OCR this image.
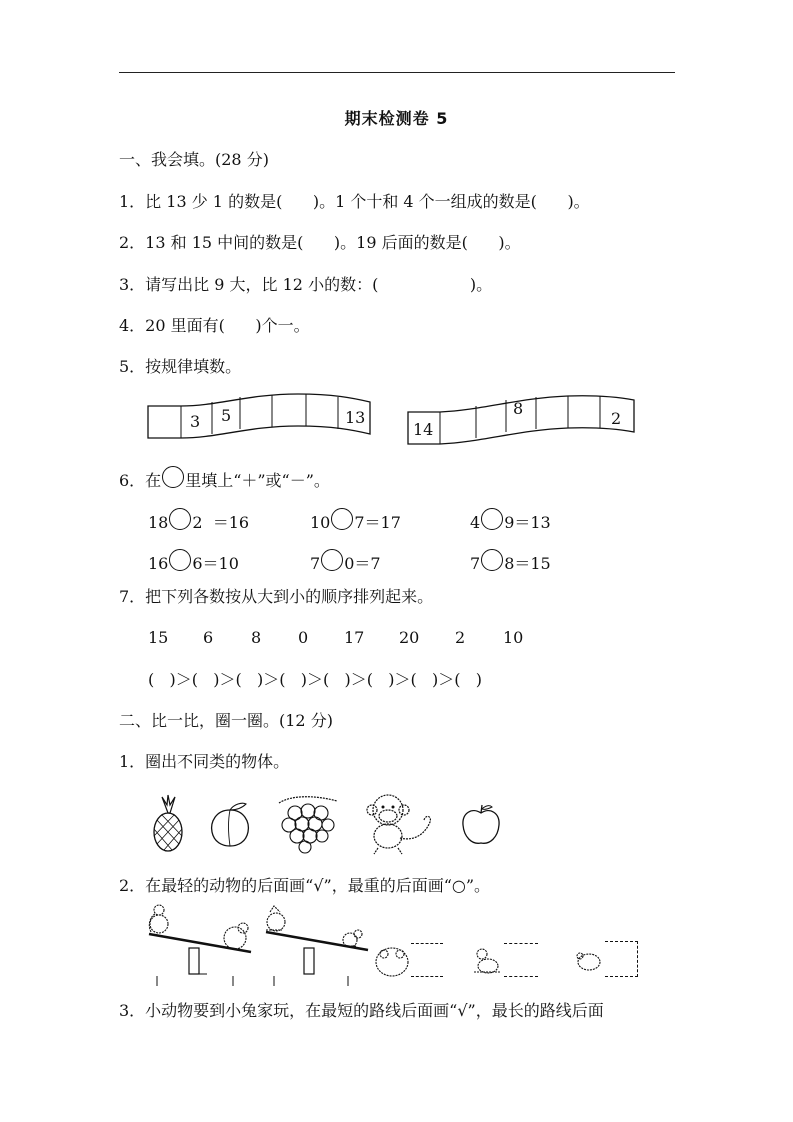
期末检测卷 5
一、我会填。(28 分)
1．比 13 少 1 的数是(      )。1 个十和 4 个一组成的数是(      )。
2．13 和 15 中间的数是(      )。19 后面的数是(      )。
3．请写出比 9 大，比 12 小的数：(                  )。
4．20 里面有(      )个一。
5．按规律填数。
3 5	13
14
8
2
6．在 里填上“＋”或“－”。
18 2  ＝16	10 7＝17	4 9＝13
16 6＝10	7 0＝7	7 8＝15
7．把下列各数按从大到小的顺序排列起来。
15 6 8 0 17 20 2 10
(   )＞(   )＞(   )＞(   )＞(   )＞(   )＞(   )＞(   )
二、比一比，圈一圈。(12 分)
1．圈出不同类的物体。
2．在最轻的动物的后面画“√”，最重的后面画“○”。
3．小动物要到小兔家玩，在最短的路线后面画“√”，最长的路线后面
